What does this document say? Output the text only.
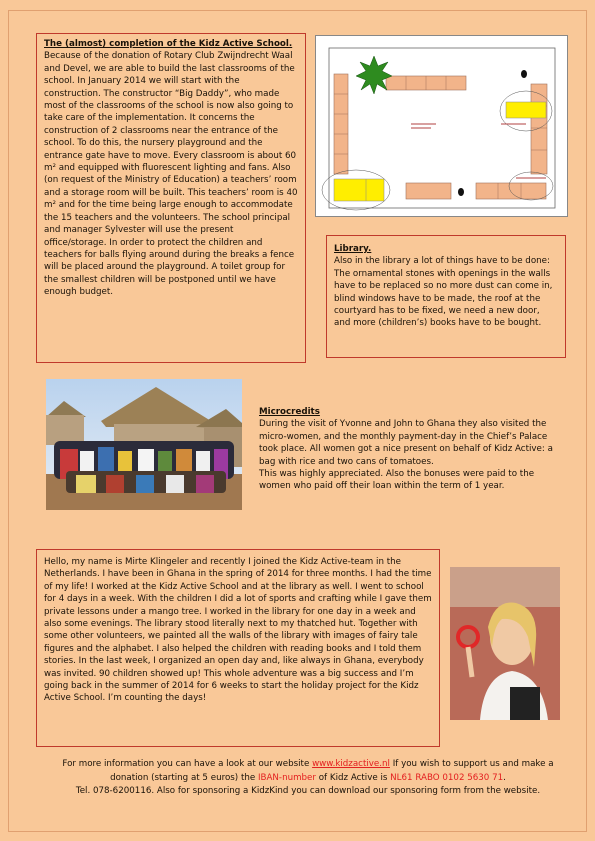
The (almost) completion of the Kidz Active School.
Because of the donation of Rotary Club Zwijndrecht Waal and Devel, we are able to build the last classrooms of the school. In January 2014 we will start with the construction. The constructor “Big Daddy”, who made most of the classrooms of the school is now also going to take care of the implementation. It concerns the construction of 2 classrooms near the entrance of the school. To do this, the nursery playground and the entrance gate have to move. Every classroom is about 60 m² and equipped with fluorescent lighting and fans. Also (on request of the Ministry of Education) a teachers’ room and a storage room will be built. This teachers’ room is 40 m² and for the time being large enough to accommodate the 15 teachers and the volunteers. The school principal and manager Sylvester will use the present office/storage. In order to protect the children and teachers for balls flying around during the breaks a fence will be placed around the playground. A toilet group for the smallest children will be postponed until we have enough budget.
Library.
Also in the library a lot of things have to be done: The ornamental stones with openings in the walls have to be replaced so no more dust can come in, blind windows have to be made, the roof at the courtyard has to be fixed, we need a new door, and more (children’s) books have to be bought.
Microcredits
During the visit of Yvonne and John to Ghana they also visited the micro-women, and the monthly payment-day in the Chief’s Palace took place. All women got a nice present on behalf of Kidz Active: a bag with rice and two cans of tomatoes.
This was highly appreciated. Also the bonuses were paid to the women who paid off their loan within the term of 1 year.
Hello, my name is Mirte Klingeler and recently I joined the Kidz Active-team in the Netherlands. I have been in Ghana in the spring of 2014 for three months. I had the time of my life! I worked at the Kidz Active School and at the library as well. I went to school for 4 days in a week. With the children I did a lot of sports and crafting while I gave them private lessons under a mango tree. I worked in the library for one day in a week and also some evenings. The library stood literally next to my thatched hut. Together with some other volunteers, we painted all the walls of the library with images of fairy tale figures and the alphabet. I also helped the children with reading books and I told them stories. In the last week, I organized an open day and, like always in Ghana, everybody was invited. 90 children showed up! This whole adventure was a big success and I’m going back in the summer of 2014 for 6 weeks to start the holiday project for the Kidz Active School. I’m counting the days!
For more information you can have a look at our website www.kidzactive.nl If you wish to support us and make a donation (starting at 5 euros) the IBAN-number of Kidz Active is NL61 RABO 0102 5630 71.
Tel. 078-6200116. Also for sponsoring a KidzKind you can download our sponsoring form from the website.
